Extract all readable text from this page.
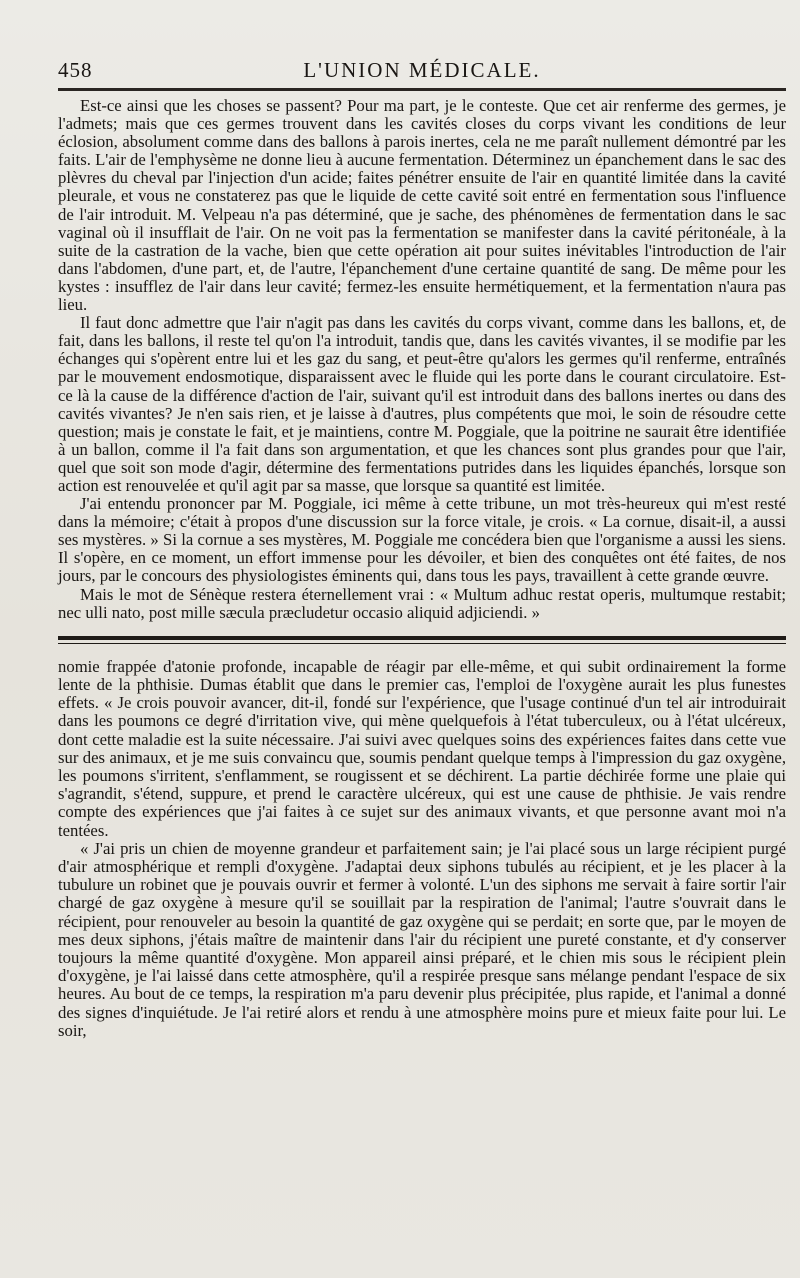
458	L'UNION MÉDICALE.

Est-ce ainsi que les choses se passent? Pour ma part, je le conteste. Que cet air renferme des germes, je l'admets; mais que ces germes trouvent dans les cavités closes du corps vivant les conditions de leur éclosion, absolument comme dans des ballons à parois inertes, cela ne me paraît nullement démontré par les faits. L'air de l'emphysème ne donne lieu à aucune fermentation. Déterminez un épanchement dans le sac des plèvres du cheval par l'injection d'un acide; faites pénétrer ensuite de l'air en quantité limitée dans la cavité pleurale, et vous ne constaterez pas que le liquide de cette cavité soit entré en fermentation sous l'influence de l'air introduit. M. Velpeau n'a pas déterminé, que je sache, des phénomènes de fermentation dans le sac vaginal où il insufflait de l'air. On ne voit pas la fermentation se manifester dans la cavité péritonéale, à la suite de la castration de la vache, bien que cette opération ait pour suites inévitables l'introduction de l'air dans l'abdomen, d'une part, et, de l'autre, l'épanchement d'une certaine quantité de sang. De même pour les kystes : insufflez de l'air dans leur cavité; fermez-les ensuite hermétiquement, et la fermentation n'aura pas lieu.

Il faut donc admettre que l'air n'agit pas dans les cavités du corps vivant, comme dans les ballons, et, de fait, dans les ballons, il reste tel qu'on l'a introduit, tandis que, dans les cavités vivantes, il se modifie par les échanges qui s'opèrent entre lui et les gaz du sang, et peut-être qu'alors les germes qu'il renferme, entraînés par le mouvement endosmotique, disparaissent avec le fluide qui les porte dans le courant circulatoire. Est-ce là la cause de la différence d'action de l'air, suivant qu'il est introduit dans des ballons inertes ou dans des cavités vivantes? Je n'en sais rien, et je laisse à d'autres, plus compétents que moi, le soin de résoudre cette question; mais je constate le fait, et je maintiens, contre M. Poggiale, que la poitrine ne saurait être identifiée à un ballon, comme il l'a fait dans son argumentation, et que les chances sont plus grandes pour que l'air, quel que soit son mode d'agir, détermine des fermentations putrides dans les liquides épanchés, lorsque son action est renouvelée et qu'il agit par sa masse, que lorsque sa quantité est limitée.

J'ai entendu prononcer par M. Poggiale, ici même à cette tribune, un mot très-heureux qui m'est resté dans la mémoire; c'était à propos d'une discussion sur la force vitale, je crois. « La cornue, disait-il, a aussi ses mystères. » Si la cornue a ses mystères, M. Poggiale me concédera bien que l'organisme a aussi les siens. Il s'opère, en ce moment, un effort immense pour les dévoiler, et bien des conquêtes ont été faites, de nos jours, par le concours des physiologistes éminents qui, dans tous les pays, travaillent à cette grande œuvre.

Mais le mot de Sénèque restera éternellement vrai : « Multum adhuc restat operis, multumque restabit; nec ulli nato, post mille sæcula præcludetur occasio aliquid adjiciendi. »

nomie frappée d'atonie profonde, incapable de réagir par elle-même, et qui subit ordinairement la forme lente de la phthisie. Dumas établit que dans le premier cas, l'emploi de l'oxygène aurait les plus funestes effets. « Je crois pouvoir avancer, dit-il, fondé sur l'expérience, que l'usage continué d'un tel air introduirait dans les poumons ce degré d'irritation vive, qui mène quelquefois à l'état tuberculeux, ou à l'état ulcéreux, dont cette maladie est la suite nécessaire. J'ai suivi avec quelques soins des expériences faites dans cette vue sur des animaux, et je me suis convaincu que, soumis pendant quelque temps à l'impression du gaz oxygène, les poumons s'irritent, s'enflamment, se rougissent et se déchirent. La partie déchirée forme une plaie qui s'agrandit, s'étend, suppure, et prend le caractère ulcéreux, qui est une cause de phthisie. Je vais rendre compte des expériences que j'ai faites à ce sujet sur des animaux vivants, et que personne avant moi n'a tentées.

« J'ai pris un chien de moyenne grandeur et parfaitement sain; je l'ai placé sous un large récipient purgé d'air atmosphérique et rempli d'oxygène. J'adaptai deux siphons tubulés au récipient, et je les placer à la tubulure un robinet que je pouvais ouvrir et fermer à volonté. L'un des siphons me servait à faire sortir l'air chargé de gaz oxygène à mesure qu'il se souillait par la respiration de l'animal; l'autre s'ouvrait dans le récipient, pour renouveler au besoin la quantité de gaz oxygène qui se perdait; en sorte que, par le moyen de mes deux siphons, j'étais maître de maintenir dans l'air du récipient une pureté constante, et d'y conserver toujours la même quantité d'oxygène. Mon appareil ainsi préparé, et le chien mis sous le récipient plein d'oxygène, je l'ai laissé dans cette atmosphère, qu'il a respirée presque sans mélange pendant l'espace de six heures. Au bout de ce temps, la respiration m'a paru devenir plus précipitée, plus rapide, et l'animal a donné des signes d'inquiétude. Je l'ai retiré alors et rendu à une atmosphère moins pure et mieux faite pour lui. Le soir,
